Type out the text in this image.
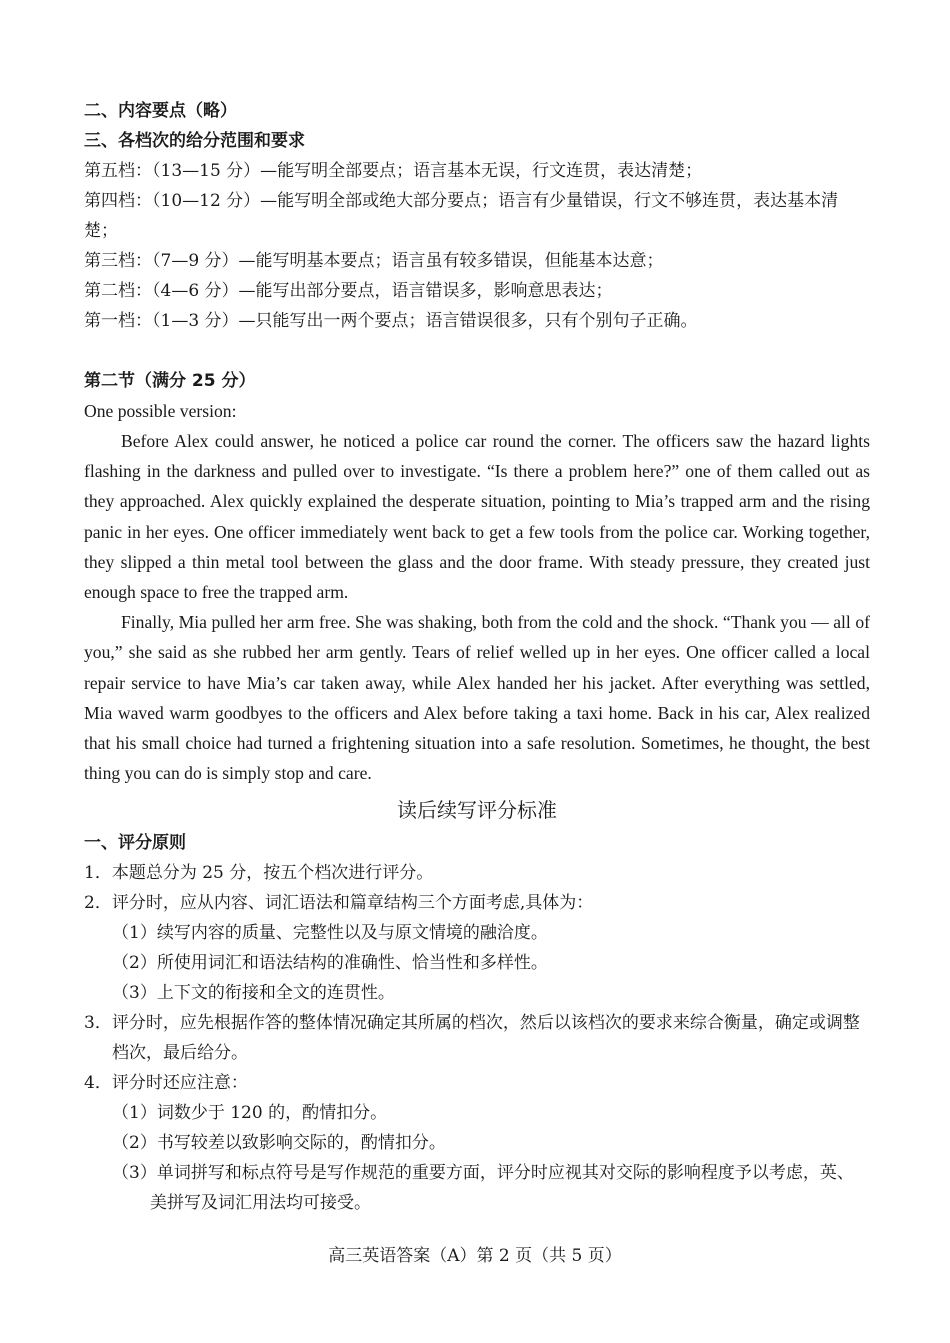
二、内容要点（略）
三、各档次的给分范围和要求
第五档：（13—15 分）—能写明全部要点；语言基本无误，行文连贯，表达清楚；
第四档：（10—12 分）—能写明全部或绝大部分要点；语言有少量错误，行文不够连贯，表达基本清楚；
第三档：（7—9 分）—能写明基本要点；语言虽有较多错误，但能基本达意；
第二档：（4—6 分）—能写出部分要点，语言错误多，影响意思表达；
第一档：（1—3 分）—只能写出一两个要点；语言错误很多，只有个别句子正确。
第二节（满分 25 分）
One possible version:

Before Alex could answer, he noticed a police car round the corner. The officers saw the hazard lights flashing in the darkness and pulled over to investigate. “Is there a problem here?” one of them called out as they approached. Alex quickly explained the desperate situation, pointing to Mia’s trapped arm and the rising panic in her eyes. One officer immediately went back to get a few tools from the police car. Working together, they slipped a thin metal tool between the glass and the door frame. With steady pressure, they created just enough space to free the trapped arm.

Finally, Mia pulled her arm free. She was shaking, both from the cold and the shock. “Thank you — all of you,” she said as she rubbed her arm gently. Tears of relief welled up in her eyes. One officer called a local repair service to have Mia’s car taken away, while Alex handed her his jacket. After everything was settled, Mia waved warm goodbyes to the officers and Alex before taking a taxi home. Back in his car, Alex realized that his small choice had turned a frightening situation into a safe resolution. Sometimes, he thought, the best thing you can do is simply stop and care.

读后续写评分标准
一、评分原则
1．本题总分为 25 分，按五个档次进行评分。
2．评分时，应从内容、词汇语法和篇章结构三个方面考虑,具体为：
（1）续写内容的质量、完整性以及与原文情境的融洽度。
（2）所使用词汇和语法结构的准确性、恰当性和多样性。
（3）上下文的衔接和全文的连贯性。
3．评分时，应先根据作答的整体情况确定其所属的档次，然后以该档次的要求来综合衡量，确定或调整档次，最后给分。
4．评分时还应注意：
（1）词数少于 120 的，酌情扣分。
（2）书写较差以致影响交际的，酌情扣分。
（3）单词拼写和标点符号是写作规范的重要方面，评分时应视其对交际的影响程度予以考虑，英、美拼写及词汇用法均可接受。
高三英语答案（A）第 2 页（共 5 页）
